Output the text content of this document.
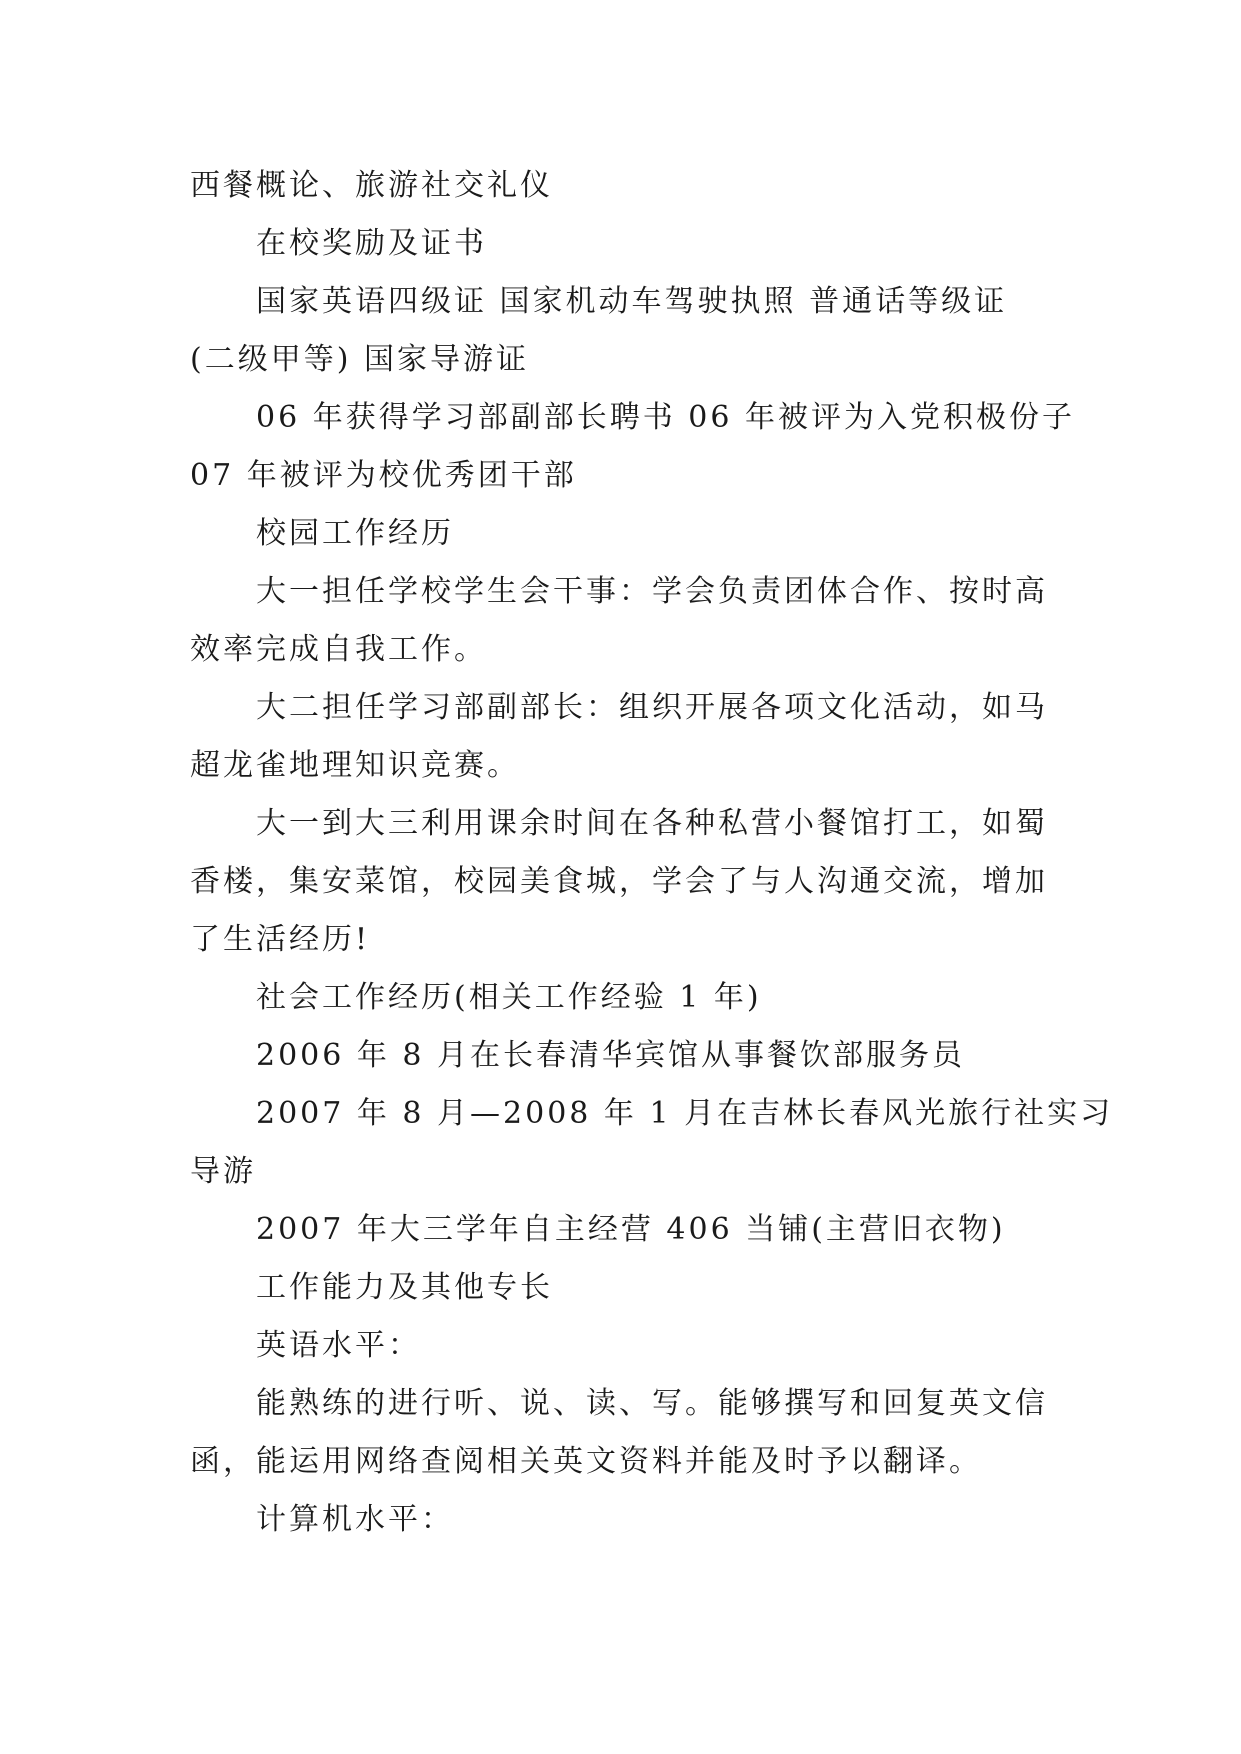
西餐概论、旅游社交礼仪
在校奖励及证书
国家英语四级证 国家机动车驾驶执照 普通话等级证
(二级甲等) 国家导游证
06 年获得学习部副部长聘书 06 年被评为入党积极份子
07 年被评为校优秀团干部
校园工作经历
大一担任学校学生会干事：学会负责团体合作、按时高
效率完成自我工作。
大二担任学习部副部长：组织开展各项文化活动，如马
超龙雀地理知识竞赛。
大一到大三利用课余时间在各种私营小餐馆打工，如蜀
香楼，集安菜馆，校园美食城，学会了与人沟通交流，增加
了生活经历!
社会工作经历(相关工作经验 1 年)
2006 年 8 月在长春清华宾馆从事餐饮部服务员
2007 年 8 月—2008 年 1 月在吉林长春风光旅行社实习
导游
2007 年大三学年自主经营 406 当铺(主营旧衣物)
工作能力及其他专长
英语水平：
能熟练的进行听、说、读、写。能够撰写和回复英文信
函，能运用网络查阅相关英文资料并能及时予以翻译。
计算机水平：
